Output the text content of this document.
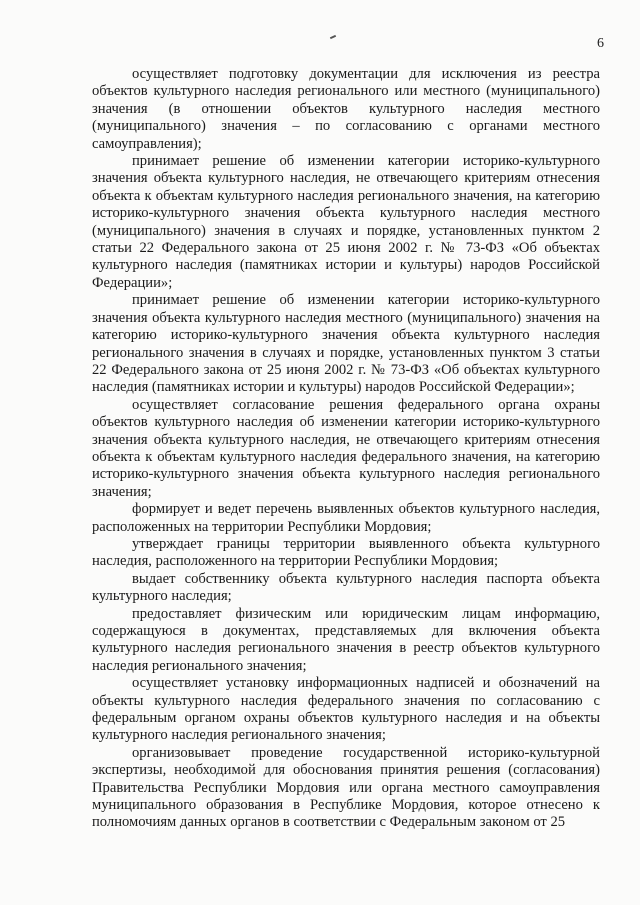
6

осуществляет подготовку документации для исключения из реестра объектов культурного наследия регионального или местного (муниципального) значения (в отношении объектов культурного наследия местного (муниципального) значения – по согласованию с органами местного самоуправления);

принимает решение об изменении категории историко-культурного значения объекта культурного наследия, не отвечающего критериям отнесения объекта к объектам культурного наследия регионального значения, на категорию историко-культурного значения объекта культурного наследия местного (муниципального) значения в случаях и порядке, установленных пунктом 2 статьи 22 Федерального закона от 25 июня 2002 г. № 73-ФЗ «Об объектах культурного наследия (памятниках истории и культуры) народов Российской Федерации»;

принимает решение об изменении категории историко-культурного значения объекта культурного наследия местного (муниципального) значения на категорию историко-культурного значения объекта культурного наследия регионального значения в случаях и порядке, установленных пунктом 3 статьи 22 Федерального закона от 25 июня 2002 г. № 73-ФЗ «Об объектах культурного наследия (памятниках истории и культуры) народов Российской Федерации»;

осуществляет согласование решения федерального органа охраны объектов культурного наследия об изменении категории историко-культурного значения объекта культурного наследия, не отвечающего критериям отнесения объекта к объектам культурного наследия федерального значения, на категорию историко-культурного значения объекта культурного наследия регионального значения;

формирует и ведет перечень выявленных объектов культурного наследия, расположенных на территории Республики Мордовия;

утверждает границы территории выявленного объекта культурного наследия, расположенного на территории Республики Мордовия;

выдает собственнику объекта культурного наследия паспорта объекта культурного наследия;

предоставляет физическим или юридическим лицам информацию, содержащуюся в документах, представляемых для включения объекта культурного наследия регионального значения в реестр объектов культурного наследия регионального значения;

осуществляет установку информационных надписей и обозначений на объекты культурного наследия федерального значения по согласованию с федеральным органом охраны объектов культурного наследия и на объекты культурного наследия регионального значения;

организовывает проведение государственной историко-культурной экспертизы, необходимой для обоснования принятия решения (согласования) Правительства Республики Мордовия или органа местного самоуправления муниципального образования в Республике Мордовия, которое отнесено к полномочиям данных органов в соответствии с Федеральным законом от 25
